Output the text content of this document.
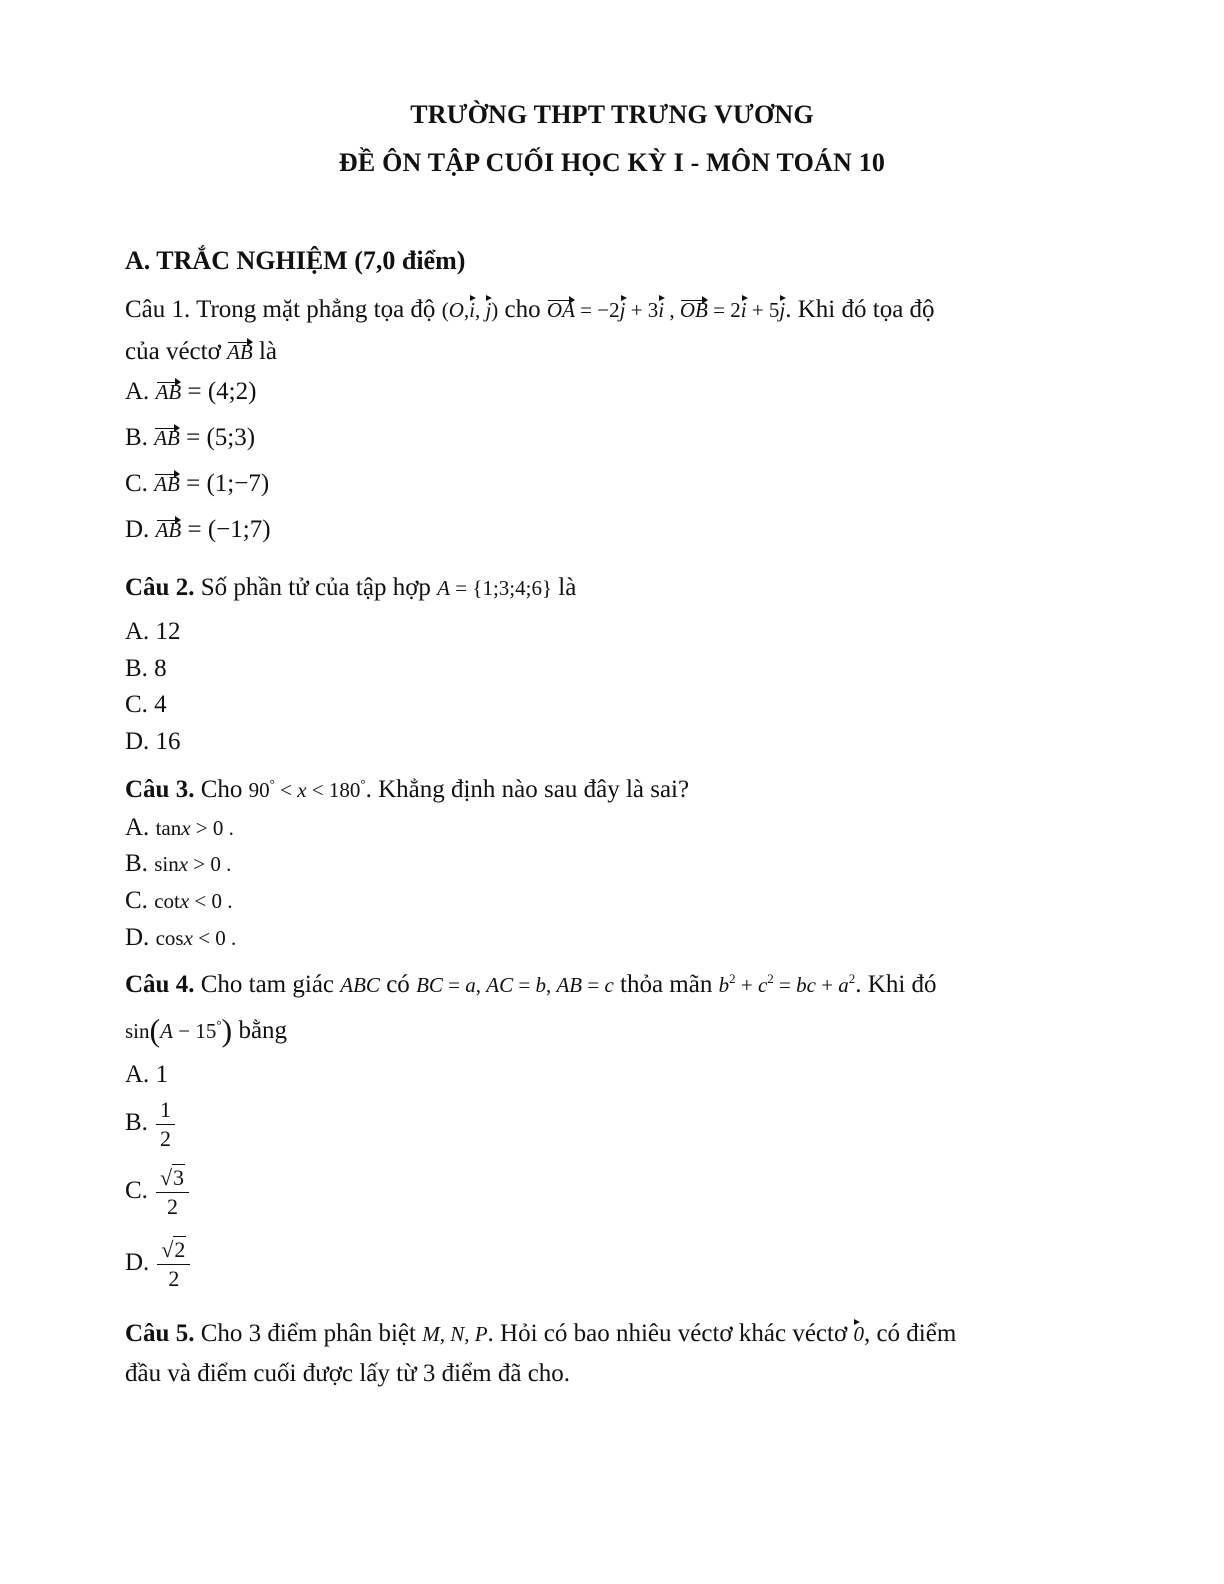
TRƯỜNG THPT TRƯNG VƯƠNG
ĐỀ ÔN TẬP CUỐI HỌC KỲ I - MÔN TOÁN 10
A. TRẮC NGHIỆM (7,0 điểm)
Câu 1. Trong mặt phẳng tọa độ (O,i, j) cho OA = −2j + 3i , OB = 2i + 5j. Khi đó tọa độ
của véctơ AB là
A. AB = (4;2)
B. AB = (5;3)
C. AB = (1;−7)
D. AB = (−1;7)
Câu 2. Số phần tử của tập hợp A = {1;3;4;6} là
A. 12
B. 8
C. 4
D. 16
Câu 3. Cho 90° < x < 180°. Khẳng định nào sau đây là sai?
A. tanx > 0 .
B. sinx > 0 .
C. cotx < 0 .
D. cosx < 0 .
Câu 4. Cho tam giác ABC có BC = a, AC = b, AB = c thỏa mãn $b^2 + c^2$ = bc + $a^2$. Khi đó
sin(A − 15°) bằng
A. 1
B. $\frac{1}{2}$
C. $\frac{√3}{2}$
D. $\frac{√2}{2}$
Câu 5. Cho 3 điểm phân biệt M, N, P. Hỏi có bao nhiêu véctơ khác véctơ 0, có điểm
đầu và điểm cuối được lấy từ 3 điểm đã cho.
